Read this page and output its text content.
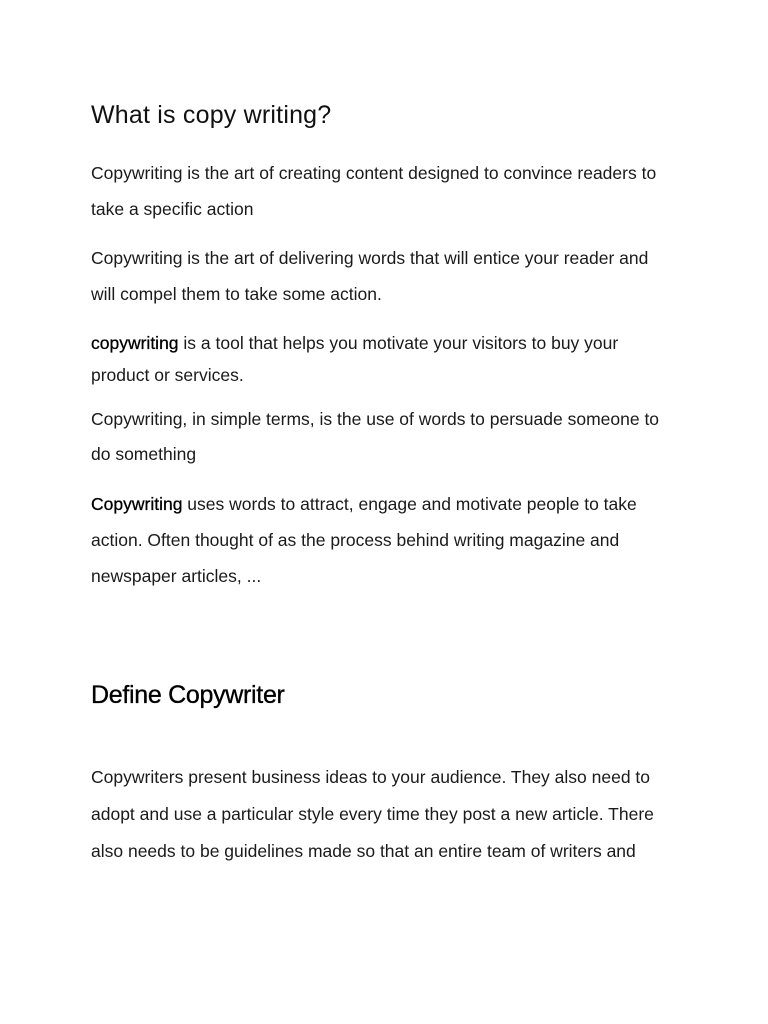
What is copy writing?

Copywriting is the art of creating content designed to convince readers to

take a specific action

Copywriting is the art of delivering words that will entice your reader and

will compel them to take some action.

copywriting is a tool that helps you motivate your visitors to buy your

product or services.

Copywriting, in simple terms, is the use of words to persuade someone to

do something

Copywriting uses words to attract, engage and motivate people to take

action. Often thought of as the process behind writing magazine and

newspaper articles, ...

Define Copywriter

Copywriters present business ideas to your audience. They also need to

adopt and use a particular style every time they post a new article. There

also needs to be guidelines made so that an entire team of writers and
